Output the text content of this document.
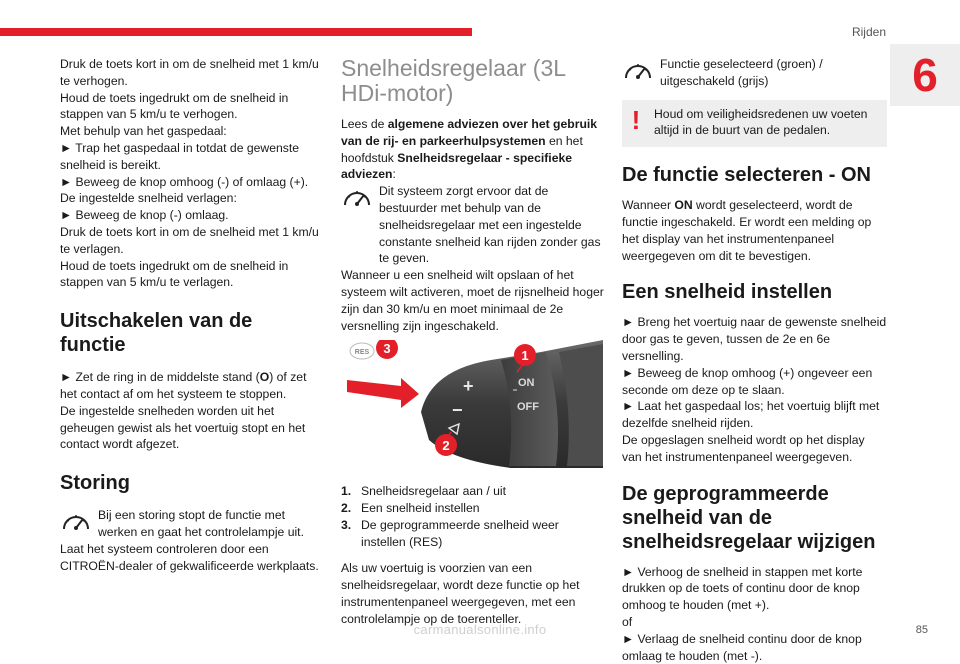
Rijden
6

Druk de toets kort in om de snelheid met 1 km/u te verhogen.

Houd de toets ingedrukt om de snelheid in stappen van 5 km/u te verhogen.

Met behulp van het gaspedaal:

► Trap het gaspedaal in totdat de gewenste snelheid is bereikt.

► Beweeg de knop omhoog (-) of omlaag (+).

De ingestelde snelheid verlagen:

► Beweeg de knop (-) omlaag.

Druk de toets kort in om de snelheid met 1 km/u te verlagen.

Houd de toets ingedrukt om de snelheid in stappen van 5 km/u te verlagen.

Uitschakelen van de functie

► Zet de ring in de middelste stand (O) of zet het contact af om het systeem te stoppen.

De ingestelde snelheden worden uit het geheugen gewist als het voertuig stopt en het contact wordt afgezet.

Storing
Bij een storing stopt de functie met werken en gaat het controlelampje uit.

Laat het systeem controleren door een CITROËN-dealer of gekwalificeerde werkplaats.

Snelheidsregelaar (3L HDi-motor)

Lees de algemene adviezen over het gebruik van de rij- en parkeerhulpsystemen en het hoofdstuk Snelheidsregelaar - specifieke adviezen:

Dit systeem zorgt ervoor dat de bestuurder met behulp van de snelheidsregelaar met een ingestelde constante snelheid kan rijden zonder gas te geven.

Wanneer u een snelheid wilt opslaan of het systeem wilt activeren, moet de rijsnelheid hoger zijn dan 30 km/u en moet minimaal de 2e versnelling zijn ingeschakeld.

+
−
ON
OFF
RES	1
2
3
1. Snelheidsregelaar aan / uit
2. Een snelheid instellen
3. De geprogrammeerde snelheid weer instellen (RES)

Als uw voertuig is voorzien van een snelheidsregelaar, wordt deze functie op het instrumentenpaneel weergegeven, met een controlelampje op de toerenteller.

Functie geselecteerd (groen) / uitgeschakeld (grijs)
!	Houd om veiligheidsredenen uw voeten altijd in de buurt van de pedalen.
De functie selecteren - ON

Wanneer ON wordt geselecteerd, wordt de functie ingeschakeld. Er wordt een melding op het display van het instrumentenpaneel weergegeven om dit te bevestigen.

Een snelheid instellen

► Breng het voertuig naar de gewenste snelheid door gas te geven, tussen de 2e en 6e versnelling.

► Beweeg de knop omhoog (+) ongeveer een seconde om deze op te slaan.

► Laat het gaspedaal los; het voertuig blijft met dezelfde snelheid rijden.

De opgeslagen snelheid wordt op het display van het instrumentenpaneel weergegeven.

De geprogrammeerde snelheid van de snelheidsregelaar wijzigen

► Verhoog de snelheid in stappen met korte drukken op de toets of continu door de knop omhoog te houden (met +).

of

► Verlaag de snelheid continu door de knop omlaag te houden (met -).

carmanualsonline.info	85
